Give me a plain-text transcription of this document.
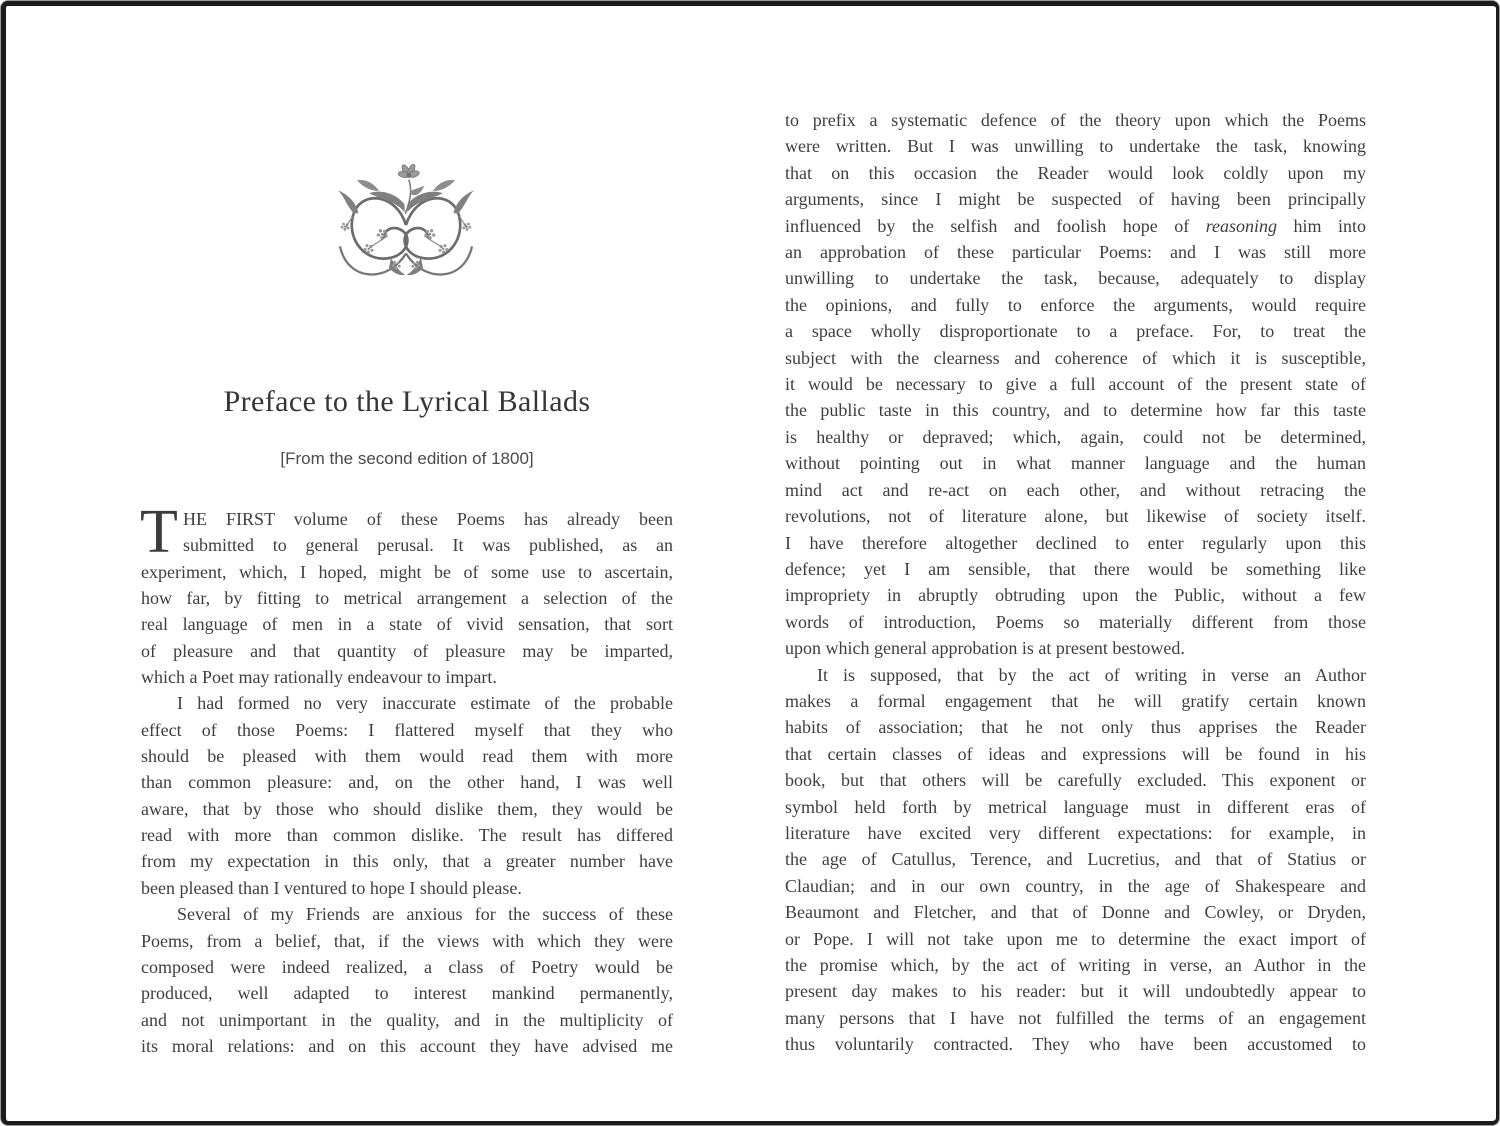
Preface to the Lyrical Ballads
[From the second edition of 1800]
T HE FIRST volume of these Poems has already been
submitted to general perusal. It was published, as an
experiment, which, I hoped, might be of some use to ascertain,
how far, by fitting to metrical arrangement a selection of the
real language of men in a state of vivid sensation, that sort
of pleasure and that quantity of pleasure may be imparted,
which a Poet may rationally endeavour to impart.
I had formed no very inaccurate estimate of the probable
effect of those Poems: I flattered myself that they who
should be pleased with them would read them with more
than common pleasure: and, on the other hand, I was well
aware, that by those who should dislike them, they would be
read with more than common dislike. The result has differed
from my expectation in this only, that a greater number have
been pleased than I ventured to hope I should please.
Several of my Friends are anxious for the success of these
Poems, from a belief, that, if the views with which they were
composed were indeed realized, a class of Poetry would be
produced, well adapted to interest mankind permanently,
and not unimportant in the quality, and in the multiplicity of
its moral relations: and on this account they have advised me
to prefix a systematic defence of the theory upon which the Poems
were written. But I was unwilling to undertake the task, knowing
that on this occasion the Reader would look coldly upon my
arguments, since I might be suspected of having been principally
influenced by the selfish and foolish hope of reasoning him into
an approbation of these particular Poems: and I was still more
unwilling to undertake the task, because, adequately to display
the opinions, and fully to enforce the arguments, would require
a space wholly disproportionate to a preface. For, to treat the
subject with the clearness and coherence of which it is susceptible,
it would be necessary to give a full account of the present state of
the public taste in this country, and to determine how far this taste
is healthy or depraved; which, again, could not be determined,
without pointing out in what manner language and the human
mind act and re-act on each other, and without retracing the
revolutions, not of literature alone, but likewise of society itself.
I have therefore altogether declined to enter regularly upon this
defence; yet I am sensible, that there would be something like
impropriety in abruptly obtruding upon the Public, without a few
words of introduction, Poems so materially different from those
upon which general approbation is at present bestowed.
It is supposed, that by the act of writing in verse an Author
makes a formal engagement that he will gratify certain known
habits of association; that he not only thus apprises the Reader
that certain classes of ideas and expressions will be found in his
book, but that others will be carefully excluded. This exponent or
symbol held forth by metrical language must in different eras of
literature have excited very different expectations: for example, in
the age of Catullus, Terence, and Lucretius, and that of Statius or
Claudian; and in our own country, in the age of Shakespeare and
Beaumont and Fletcher, and that of Donne and Cowley, or Dryden,
or Pope. I will not take upon me to determine the exact import of
the promise which, by the act of writing in verse, an Author in the
present day makes to his reader: but it will undoubtedly appear to
many persons that I have not fulfilled the terms of an engagement
thus voluntarily contracted. They who have been accustomed to
